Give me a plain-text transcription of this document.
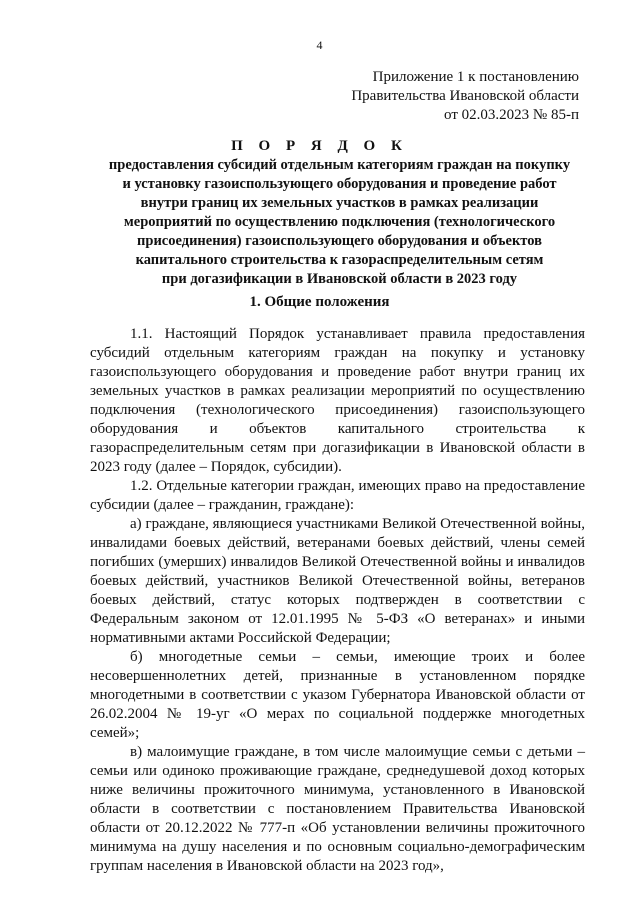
4
Приложение 1 к постановлению
Правительства Ивановской области
от 02.03.2023 № 85-п
П О Р Я Д О К
предоставления субсидий отдельным категориям граждан на покупку
и установку газоиспользующего оборудования и проведение работ
внутри границ их земельных участков в рамках реализации
мероприятий по осуществлению подключения (технологического
присоединения) газоиспользующего оборудования и объектов
капитального строительства к газораспределительным сетям
при догазификации в Ивановской области в 2023 году
1. Общие положения

1.1. Настоящий Порядок устанавливает правила предоставления субсидий отдельным категориям граждан на покупку и установку газоиспользующего оборудования и проведение работ внутри границ их земельных участков в рамках реализации мероприятий по осуществлению подключения (технологического присоединения) газоиспользующего оборудования и объектов капитального строительства к газораспределительным сетям при догазификации в Ивановской области в 2023 году (далее – Порядок, субсидии).

1.2. Отдельные категории граждан, имеющих право на предоставление субсидии (далее – гражданин, граждане):

а) граждане, являющиеся участниками Великой Отечественной войны, инвалидами боевых действий, ветеранами боевых действий, члены семей погибших (умерших) инвалидов Великой Отечественной войны и инвалидов боевых действий, участников Великой Отечественной войны, ветеранов боевых действий, статус которых подтвержден в соответствии с Федеральным законом от 12.01.1995 № 5-ФЗ «О ветеранах» и иными нормативными актами Российской Федерации;

б) многодетные семьи – семьи, имеющие троих и более несовершеннолетних детей, признанные в установленном порядке многодетными в соответствии с указом Губернатора Ивановской области от 26.02.2004 № 19-уг «О мерах по социальной поддержке многодетных семей»;

в) малоимущие граждане, в том числе малоимущие семьи с детьми – семьи или одиноко проживающие граждане, среднедушевой доход которых ниже величины прожиточного минимума, установленного в Ивановской области в соответствии с постановлением Правительства Ивановской области от 20.12.2022 № 777-п «Об установлении величины прожиточного минимума на душу населения и по основным социально-демографическим группам населения в Ивановской области на 2023 год»,
